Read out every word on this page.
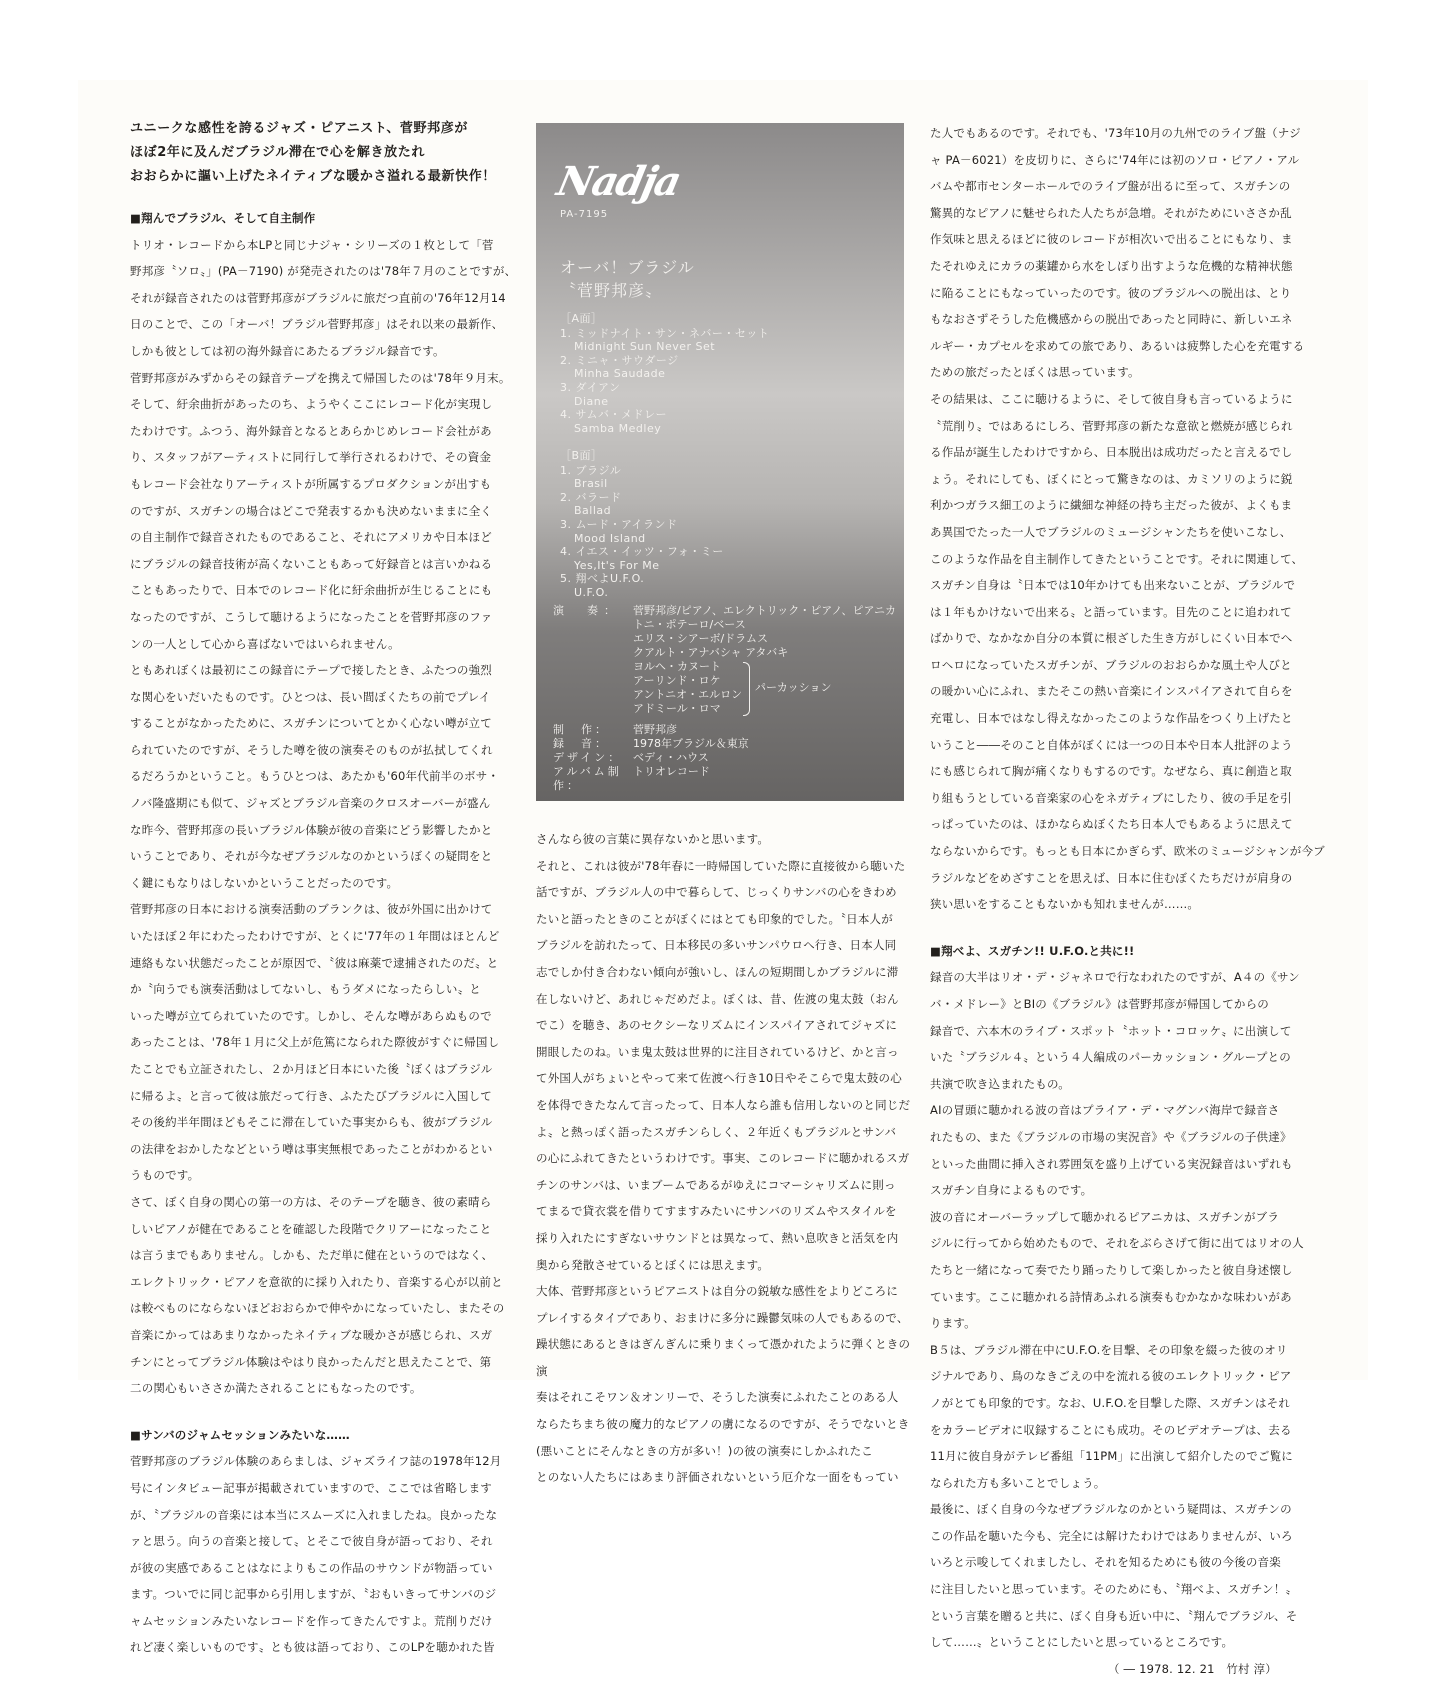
ユニークな感性を誇るジャズ・ピアニスト、菅野邦彦が

ほぼ2年に及んだブラジル滞在で心を解き放たれ

おおらかに謳い上げたネイティブな暖かさ溢れる最新快作！

■翔んでブラジル、そして自主制作

トリオ・レコードから本LPと同じナジャ・シリーズの１枚として「菅

野邦彦〝ソロ〟」(PA－7190) が発売されたのは'78年７月のことですが、

それが録音されたのは菅野邦彦がブラジルに旅だつ直前の'76年12月14

日のことで、この「オーバ！ブラジル菅野邦彦」はそれ以来の最新作、

しかも彼としては初の海外録音にあたるブラジル録音です。

菅野邦彦がみずからその録音テープを携えて帰国したのは'78年９月末。

そして、紆余曲折があったのち、ようやくここにレコード化が実現し

たわけです。ふつう、海外録音となるとあらかじめレコード会社があ

り、スタッフがアーティストに同行して挙行されるわけで、その資金

もレコード会社なりアーティストが所属するプロダクションが出すも

のですが、スガチンの場合はどこで発表するかも決めないままに全く

の自主制作で録音されたものであること、それにアメリカや日本ほど

にブラジルの録音技術が高くないこともあって好録音とは言いかねる

こともあったりで、日本でのレコード化に紆余曲折が生じることにも

なったのですが、こうして聴けるようになったことを菅野邦彦のファ

ンの一人として心から喜ばないではいられません。

ともあれぼくは最初にこの録音にテープで接したとき、ふたつの強烈

な関心をいだいたものです。ひとつは、長い間ぼくたちの前でプレイ

することがなかったために、スガチンについてとかく心ない噂が立て

られていたのですが、そうした噂を彼の演奏そのものが払拭してくれ

るだろうかということ。もうひとつは、あたかも'60年代前半のボサ・

ノバ隆盛期にも似て、ジャズとブラジル音楽のクロスオーバーが盛ん

な昨今、菅野邦彦の長いブラジル体験が彼の音楽にどう影響したかと

いうことであり、それが今なぜブラジルなのかというぼくの疑問をと

く鍵にもなりはしないかということだったのです。

菅野邦彦の日本における演奏活動のブランクは、彼が外国に出かけて

いたほぼ２年にわたったわけですが、とくに'77年の１年間はほとんど

連絡もない状態だったことが原因で、〝彼は麻薬で逮捕されたのだ〟と

か〝向うでも演奏活動はしてないし、もうダメになったらしい〟と

いった噂が立てられていたのです。しかし、そんな噂があらぬもので

あったことは、'78年１月に父上が危篤になられた際彼がすぐに帰国し

たことでも立証されたし、２か月ほど日本にいた後〝ぼくはブラジル

に帰るよ〟と言って彼は旅だって行き、ふたたびブラジルに入国して

その後約半年間ほどもそこに滞在していた事実からも、彼がブラジル

の法律をおかしたなどという噂は事実無根であったことがわかるとい

うものです。

さて、ぼく自身の関心の第一の方は、そのテープを聴き、彼の素晴ら

しいピアノが健在であることを確認した段階でクリアーになったこと

は言うまでもありません。しかも、ただ単に健在というのではなく、

エレクトリック・ピアノを意欲的に採り入れたり、音楽する心が以前と

は較べものにならないほどおおらかで伸やかになっていたし、またその

音楽にかってはあまりなかったネイティブな暖かさが感じられ、スガ

チンにとってブラジル体験はやはり良かったんだと思えたことで、第

二の関心もいささか満たされることにもなったのです。

■サンバのジャムセッションみたいな……

菅野邦彦のブラジル体験のあらましは、ジャズライフ誌の1978年12月

号にインタビュー記事が掲載されていますので、ここでは省略します

が、〝ブラジルの音楽には本当にスムーズに入れましたね。良かったな

ァと思う。向うの音楽と接して〟とそこで彼自身が語っており、それ

が彼の実感であることはなによりもこの作品のサウンドが物語ってい

ます。ついでに同じ記事から引用しますが、〝おもいきってサンバのジ

ャムセッションみたいなレコードを作ってきたんですよ。荒削りだけ

れど凄く楽しいものです〟とも彼は語っており、このLPを聴かれた皆

Nadja
PA-7195
オーバ！ブラジル
〝菅野邦彦〟
［A面］
1. ミッドナイト・サン・ネバー・セット
Midnight Sun Never Set
2. ミニャ・サウダージ
Minha Saudade
3. ダイアン
Diane
4. サムバ・メドレー
Samba Medley
［B面］
1. ブラジル
Brasil
2. バラード
Ballad
3. ムード・アイランド
Mood Island
4. イエス・イッツ・フォ・ミー
Yes,It's For Me
5. 翔べよU.F.O.
U.F.O.
演　奏：	菅野邦彦/ピアノ、エレクトリック・ピアノ、ピアニカ
トニ・ポテーロ/ベース
エリス・シアーボ/ドラムス
クアルト・アナバシャ アタバキ
ヨルヘ・カヌート
アーリンド・ロケ
アントニオ・エルロン
アドミール・ロマ
パーカッション
制　作：	菅野邦彦
録　音：	1978年ブラジル＆東京
デザイン： ベディ・ハウス
アルバム制作：
トリオレコード

さんなら彼の言葉に異存ないかと思います。

それと、これは彼が'78年春に一時帰国していた際に直接彼から聴いた

話ですが、ブラジル人の中で暮らして、じっくりサンバの心をきわめ

たいと語ったときのことがぼくにはとても印象的でした。〝日本人が

ブラジルを訪れたって、日本移民の多いサンパウロへ行き、日本人同

志でしか付き合わない傾向が強いし、ほんの短期間しかブラジルに滞

在しないけど、あれじゃだめだよ。ぼくは、昔、佐渡の鬼太鼓（おん

でこ）を聴き、あのセクシーなリズムにインスパイアされてジャズに

開眼したのね。いま鬼太鼓は世界的に注目されているけど、かと言っ

て外国人がちょいとやって来て佐渡へ行き10日やそこらで鬼太鼓の心

を体得できたなんて言ったって、日本人なら誰も信用しないのと同じだ

よ〟と熱っぽく語ったスガチンらしく、２年近くもブラジルとサンバ

の心にふれてきたというわけです。事実、このレコードに聴かれるスガ

チンのサンバは、いまブームであるがゆえにコマーシャリズムに則っ

てまるで貸衣裳を借りてすますみたいにサンバのリズムやスタイルを

採り入れたにすぎないサウンドとは異なって、熱い息吹きと活気を内

奥から発散させているとぼくには思えます。

大体、菅野邦彦というピアニストは自分の鋭敏な感性をよりどころに

プレイするタイプであり、おまけに多分に躁鬱気味の人でもあるので、

躁状態にあるときはぎんぎんに乗りまくって憑かれたように弾くときの演

奏はそれこそワン＆オンリーで、そうした演奏にふれたことのある人

ならたちまち彼の魔力的なピアノの虜になるのですが、そうでないとき

(悪いことにそんなときの方が多い！)の彼の演奏にしかふれたこ

とのない人たちにはあまり評価されないという厄介な一面をもってい

た人でもあるのです。それでも、'73年10月の九州でのライブ盤（ナジ

ャ PA－6021）を皮切りに、さらに'74年には初のソロ・ピアノ・アル

バムや都市センターホールでのライブ盤が出るに至って、スガチンの

驚異的なピアノに魅せられた人たちが急増。それがためにいささか乱

作気味と思えるほどに彼のレコードが相次いで出ることにもなり、ま

たそれゆえにカラの薬罐から水をしぼり出すような危機的な精神状態

に陥ることにもなっていったのです。彼のブラジルへの脱出は、とり

もなおさずそうした危機感からの脱出であったと同時に、新しいエネ

ルギー・カプセルを求めての旅であり、あるいは疲弊した心を充電する

ための旅だったとぼくは思っています。

その結果は、ここに聴けるように、そして彼自身も言っているように

〝荒削り〟ではあるにしろ、菅野邦彦の新たな意欲と燃焼が感じられ

る作品が誕生したわけですから、日本脱出は成功だったと言えるでし

ょう。それにしても、ぼくにとって驚きなのは、カミソリのように鋭

利かつガラス細工のように繊細な神経の持ち主だった彼が、よくもま

あ異国でたった一人でブラジルのミュージシャンたちを使いこなし、

このような作品を自主制作してきたということです。それに関連して、

スガチン自身は〝日本では10年かけても出来ないことが、ブラジルで

は１年もかけないで出来る〟と語っています。目先のことに追われて

ばかりで、なかなか自分の本質に根ざした生き方がしにくい日本でへ

ロヘロになっていたスガチンが、ブラジルのおおらかな風土や人びと

の暖かい心にふれ、またそこの熱い音楽にインスパイアされて自らを

充電し、日本ではなし得えなかったこのような作品をつくり上げたと

いうこと――そのこと自体がぼくには一つの日本や日本人批評のよう

にも感じられて胸が痛くなりもするのです。なぜなら、真に創造と取

り組もうとしている音楽家の心をネガティブにしたり、彼の手足を引

っぱっていたのは、ほかならぬぼくたち日本人でもあるように思えて

ならないからです。もっとも日本にかぎらず、欧米のミュージシャンが今ブ

ラジルなどをめざすことを思えば、日本に住むぼくたちだけが肩身の

狭い思いをすることもないかも知れませんが……。

■翔べよ、スガチン!! U.F.O.と共に!!

録音の大半はリオ・デ・ジャネロで行なわれたのですが、A４の《サン

バ・メドレー》とBⅠの《ブラジル》は菅野邦彦が帰国してからの

録音で、六本木のライブ・スポット〝ホット・コロッケ〟に出演して

いた〝ブラジル４〟という４人編成のパーカッション・グループとの

共演で吹き込まれたもの。

AⅠの冒頭に聴かれる波の音はプライア・デ・マグンバ海岸で録音さ

れたもの、また《ブラジルの市場の実況音》や《ブラジルの子供達》

といった曲間に挿入され雰囲気を盛り上げている実況録音はいずれも

スガチン自身によるものです。

波の音にオーバーラップして聴かれるピアニカは、スガチンがブラ

ジルに行ってから始めたもので、それをぶらさげて街に出てはリオの人

たちと一緒になって奏でたり踊ったりして楽しかったと彼自身述懐し

ています。ここに聴かれる詩情あふれる演奏もむかなかな味わいがあ

ります。

B５は、ブラジル滞在中にU.F.O.を目撃、その印象を綴った彼のオリ

ジナルであり、鳥のなきごえの中を流れる彼のエレクトリック・ピア

ノがとても印象的です。なお、U.F.O.を目撃した際、スガチンはそれ

をカラービデオに収録することにも成功。そのビデオテープは、去る

11月に彼自身がテレビ番組「11PM」に出演して紹介したのでご覧に

なられた方も多いことでしょう。

最後に、ぼく自身の今なぜブラジルなのかという疑問は、スガチンの

この作品を聴いた今も、完全には解けたわけではありませんが、いろ

いろと示唆してくれましたし、それを知るためにも彼の今後の音楽

に注目したいと思っています。そのためにも、〝翔べよ、スガチン！〟

という言葉を贈ると共に、ぼく自身も近い中に、〝翔んでブラジル、そ

して……〟ということにしたいと思っているところです。

（ ― 1978. 12. 21　竹村 淳）
